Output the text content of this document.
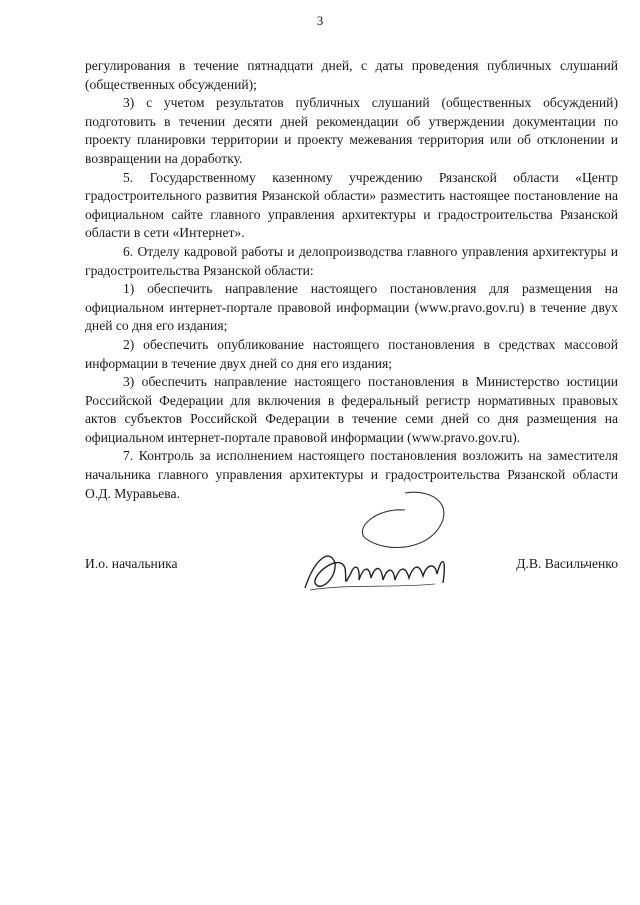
3

регулирования в течение пятнадцати дней, с даты проведения публичных слушаний (общественных обсуждений);

3) с учетом результатов публичных слушаний (общественных обсуждений) подготовить в течении десяти дней рекомендации об утверждении документации по проекту планировки территории и проекту межевания территория или об отклонении и возвращении на доработку.

5. Государственному казенному учреждению Рязанской области «Центр градостроительного развития Рязанской области» разместить настоящее постановление на официальном сайте главного управления архитектуры и градостроительства Рязанской области в сети «Интернет».

6. Отделу кадровой работы и делопроизводства главного управления архитектуры и градостроительства Рязанской области:

1) обеспечить направление настоящего постановления для размещения на официальном интернет-портале правовой информации (www.pravo.gov.ru) в течение двух дней со дня его издания;

2) обеспечить опубликование настоящего постановления в средствах массовой информации в течение двух дней со дня его издания;

3) обеспечить направление настоящего постановления в Министерство юстиции Российской Федерации для включения в федеральный регистр нормативных правовых актов субъектов Российской Федерации в течение семи дней со дня размещения на официальном интернет-портале правовой информации (www.pravo.gov.ru).

7. Контроль за исполнением настоящего постановления возложить на заместителя начальника главного управления архитектуры и градостроительства Рязанской области О.Д. Муравьева.

И.о. начальника	Д.В. Васильченко
